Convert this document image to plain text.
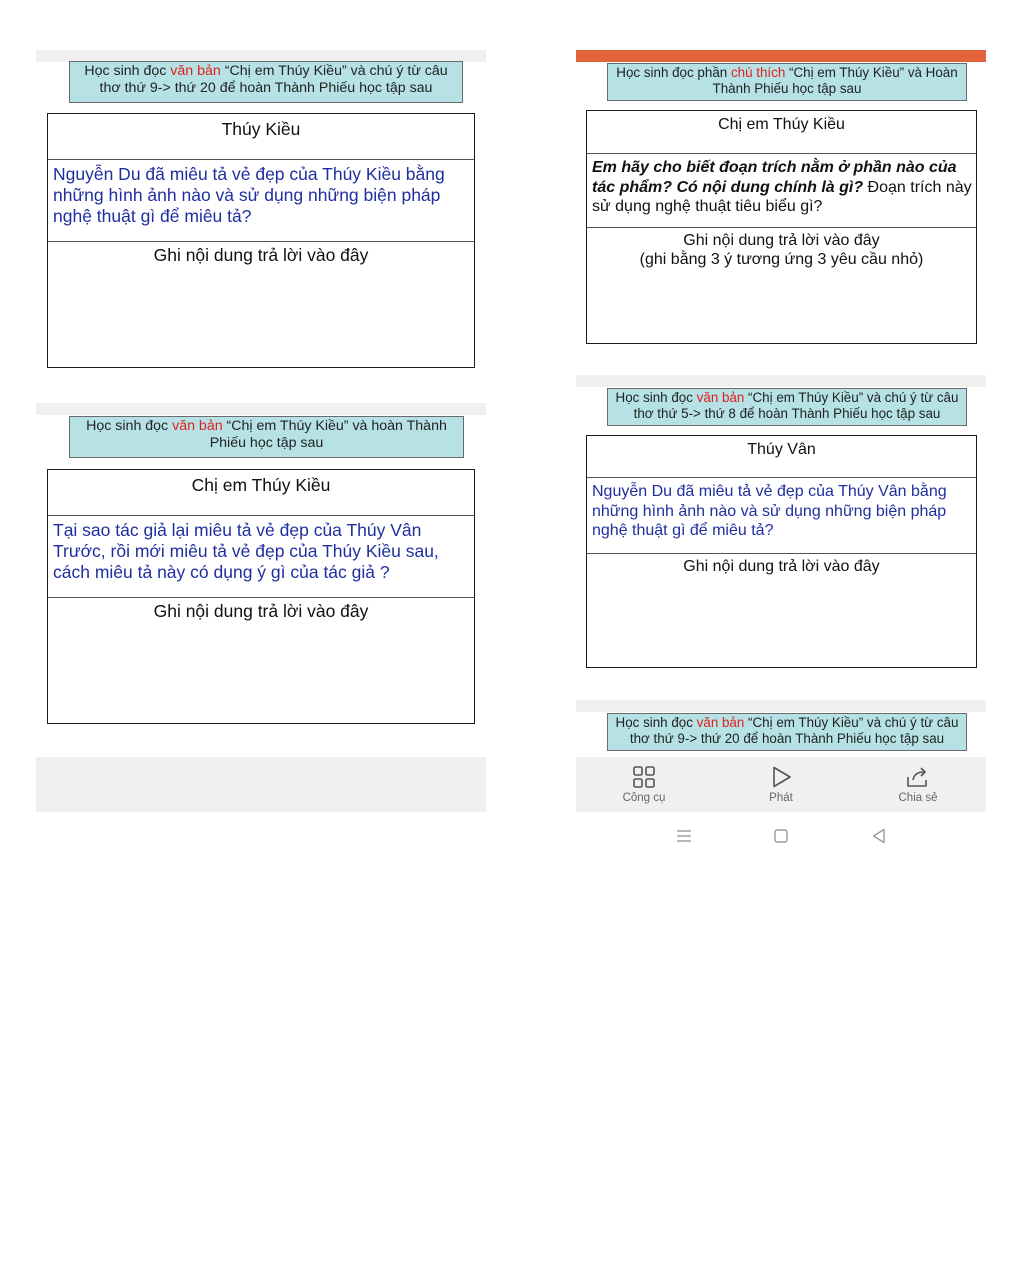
Học sinh đọc văn bản “Chị em Thúy Kiều” và chú ý từ câu thơ thứ 9-> thứ 20 để hoàn Thành Phiếu học tập sau
Thúy Kiều
Nguyễn Du đã miêu tả vẻ đẹp của Thúy Kiều bằng những hình ảnh nào và sử dụng những biện pháp nghệ thuật gì để miêu tả?
Ghi nội dung trả lời vào đây
Học sinh đọc văn bản “Chị em Thúy Kiều” và hoàn Thành Phiếu học tập sau
Chị em Thúy Kiều
Tại sao tác giả lại miêu tả vẻ đẹp của Thúy Vân Trước, rồi mới miêu tả vẻ đẹp của Thúy Kiều sau, cách miêu tả này có dụng ý gì của tác giả ?
Ghi nội dung trả lời vào đây
Học sinh đọc phần chú thích “Chị em Thúy Kiều” và Hoàn Thành Phiếu học tập sau
Chị em Thúy Kiều
Em hãy cho biết đoạn trích nằm ở phần nào của tác phẩm? Có nội dung chính là gì? Đoạn trích này sử dụng nghệ thuật tiêu biểu gì?
Ghi nội dung trả lời vào đây
(ghi bằng 3 ý tương ứng 3 yêu cầu nhỏ)
Học sinh đọc văn bản “Chị em Thúy Kiều” và chú ý từ câu thơ thứ 5-> thứ 8 để hoàn Thành Phiếu học tập sau
Thúy Vân
Nguyễn Du đã miêu tả vẻ đẹp của Thúy Vân bằng những hình ảnh nào và sử dụng những biện pháp nghệ thuật gì để miêu tả?
Ghi nội dung trả lời vào đây
Học sinh đọc văn bản “Chị em Thúy Kiều” và chú ý từ câu thơ thứ 9-> thứ 20 để hoàn Thành Phiếu học tập sau
Công cụ	Phát	Chia sẻ
